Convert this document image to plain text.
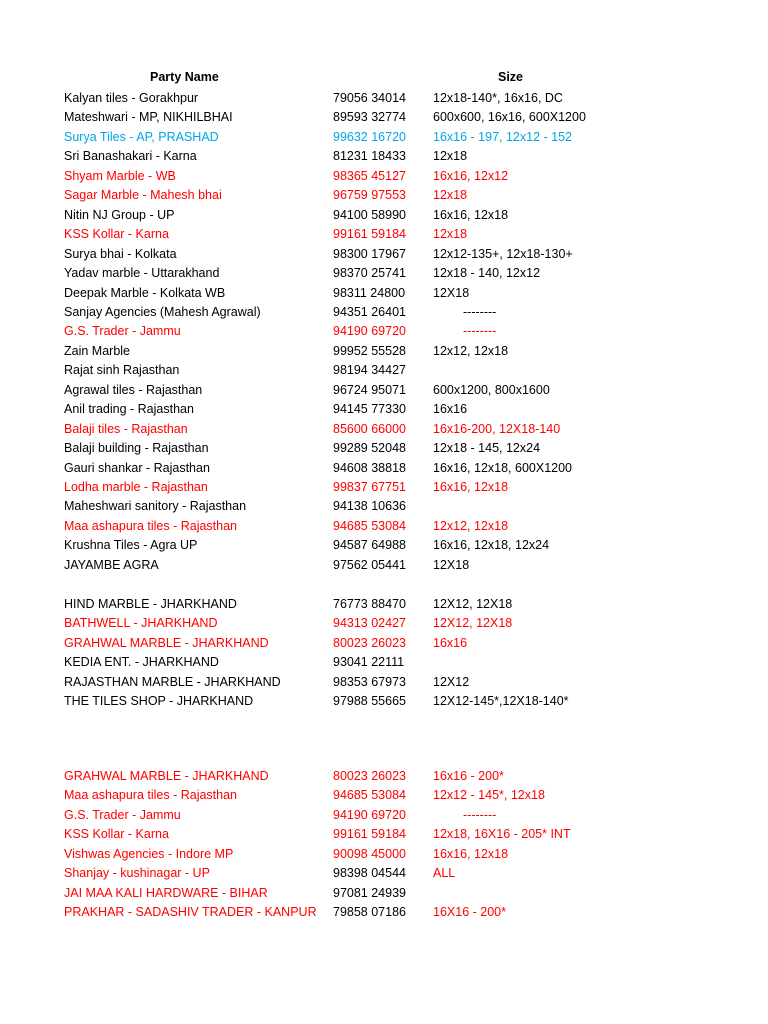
Party Name	Size
Kalyan tiles - Gorakhpur	79056 34014 12x18-140*, 16x16, DC
Mateshwari - MP, NIKHILBHAI	89593 32774 600x600, 16x16, 600X1200
Surya Tiles - AP, PRASHAD	99632 16720 16x16 - 197, 12x12 - 152
Sri Banashakari - Karna	81231 18433 12x18
Shyam Marble - WB	98365 45127 16x16, 12x12
Sagar Marble - Mahesh bhai	96759 97553 12x18
Nitin NJ Group - UP	94100 58990 16x16, 12x18
KSS Kollar - Karna	99161 59184 12x18
Surya bhai - Kolkata	98300 17967 12x12-135+, 12x18-130+
Yadav marble - Uttarakhand	98370 25741 12x18 - 140, 12x12
Deepak Marble - Kolkata WB	98311 24800 12X18
Sanjay Agencies (Mahesh Agrawal)	94351 26401	--------
G.S. Trader - Jammu	94190 69720	--------
Zain Marble	99952 55528 12x12, 12x18
Rajat sinh Rajasthan	98194 34427
Agrawal tiles - Rajasthan	96724 95071 600x1200, 800x1600
Anil trading - Rajasthan	94145 77330 16x16
Balaji tiles - Rajasthan	85600 66000 16x16-200, 12X18-140
Balaji building - Rajasthan	99289 52048 12x18 - 145, 12x24
Gauri shankar - Rajasthan	94608 38818 16x16, 12x18, 600X1200
Lodha marble - Rajasthan	99837 67751 16x16, 12x18
Maheshwari sanitory - Rajasthan	94138 10636
Maa ashapura tiles - Rajasthan	94685 53084 12x12, 12x18
Krushna Tiles - Agra UP	94587 64988 16x16, 12x18, 12x24
JAYAMBE AGRA	97562 05441 12X18
HIND MARBLE - JHARKHAND	76773 88470 12X12, 12X18
BATHWELL - JHARKHAND	94313 02427 12X12, 12X18
GRAHWAL MARBLE - JHARKHAND	80023 26023 16x16
KEDIA ENT. - JHARKHAND	93041 22111
RAJASTHAN MARBLE - JHARKHAND	98353 67973 12X12
THE TILES SHOP - JHARKHAND	97988 55665 12X12-145*,12X18-140*
GRAHWAL MARBLE - JHARKHAND	80023 26023 16x16 - 200*
Maa ashapura tiles - Rajasthan	94685 53084 12x12 - 145*, 12x18
G.S. Trader - Jammu	94190 69720	--------
KSS Kollar - Karna	99161 59184 12x18, 16X16 - 205* INT
Vishwas Agencies - Indore MP	90098 45000 16x16, 12x18
Shanjay - kushinagar - UP	98398 04544 ALL
JAI MAA KALI HARDWARE - BIHAR	97081 24939
PRAKHAR - SADASHIV TRADER - KANPUR 79858 07186 16X16 - 200*
